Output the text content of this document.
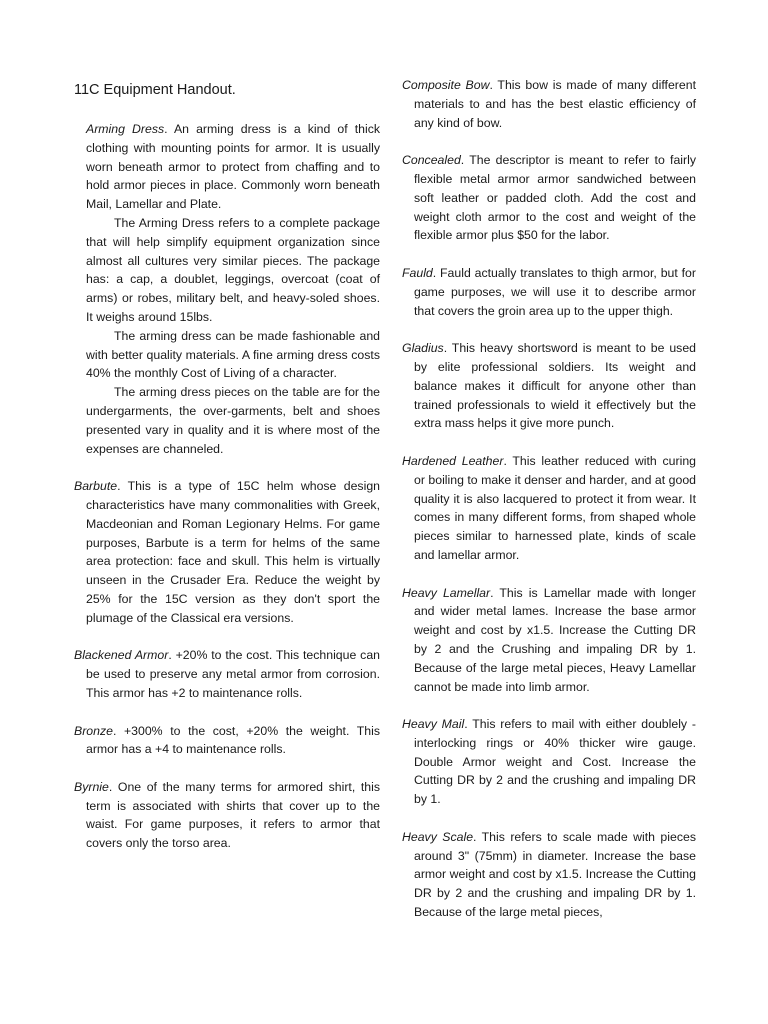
11C Equipment Handout.

Arming Dress. An arming dress is a kind of thick clothing with mounting points for armor. It is usually worn beneath armor to protect from chaffing and to hold armor pieces in place. Commonly worn beneath Mail, Lamellar and Plate.

The Arming Dress refers to a complete package that will help simplify equipment organization since almost all cultures very similar pieces. The package has: a cap, a doublet, leggings, overcoat (coat of arms) or robes, military belt, and heavy-soled shoes. It weighs around 15lbs.

The arming dress can be made fashionable and with better quality materials. A fine arming dress costs 40% the monthly Cost of Living of a character.

The arming dress pieces on the table are for the undergarments, the over-garments, belt and shoes presented vary in quality and it is where most of the expenses are channeled.

Barbute. This is a type of 15C helm whose design characteristics have many commonalities with Greek, Macdeonian and Roman Legionary Helms. For game purposes, Barbute is a term for helms of the same area protection: face and skull. This helm is virtually unseen in the Crusader Era. Reduce the weight by 25% for the 15C version as they don't sport the plumage of the Classical era versions.
Blackened Armor. +20% to the cost. This technique can be used to preserve any metal armor from corrosion. This armor has +2 to maintenance rolls.
Bronze. +300% to the cost, +20% the weight. This armor has a +4 to maintenance rolls.
Byrnie. One of the many terms for armored shirt, this term is associated with shirts that cover up to the waist. For game purposes, it refers to armor that covers only the torso area.
Composite Bow. This bow is made of many different materials to and has the best elastic efficiency of any kind of bow.
Concealed. The descriptor is meant to refer to fairly flexible metal armor armor sandwiched between soft leather or padded cloth. Add the cost and weight cloth armor to the cost and weight of the flexible armor plus $50 for the labor.
Fauld. Fauld actually translates to thigh armor, but for game purposes, we will use it to describe armor that covers the groin area up to the upper thigh.
Gladius. This heavy shortsword is meant to be used by elite professional soldiers. Its weight and balance makes it difficult for anyone other than trained professionals to wield it effectively but the extra mass helps it give more punch.
Hardened Leather. This leather reduced with curing or boiling to make it denser and harder, and at good quality it is also lacquered to protect it from wear. It comes in many different forms, from shaped whole pieces similar to harnessed plate, kinds of scale and lamellar armor.
Heavy Lamellar. This is Lamellar made with longer and wider metal lames. Increase the base armor weight and cost by x1.5. Increase the Cutting DR by 2 and the Crushing and impaling DR by 1. Because of the large metal pieces, Heavy Lamellar cannot be made into limb armor.
Heavy Mail. This refers to mail with either doublely -interlocking rings or 40% thicker wire gauge. Double Armor weight and Cost. Increase the Cutting DR by 2 and the crushing and impaling DR by 1.
Heavy Scale. This refers to scale made with pieces around 3" (75mm) in diameter. Increase the base armor weight and cost by x1.5. Increase the Cutting DR by 2 and the crushing and impaling DR by 1. Because of the large metal pieces,
